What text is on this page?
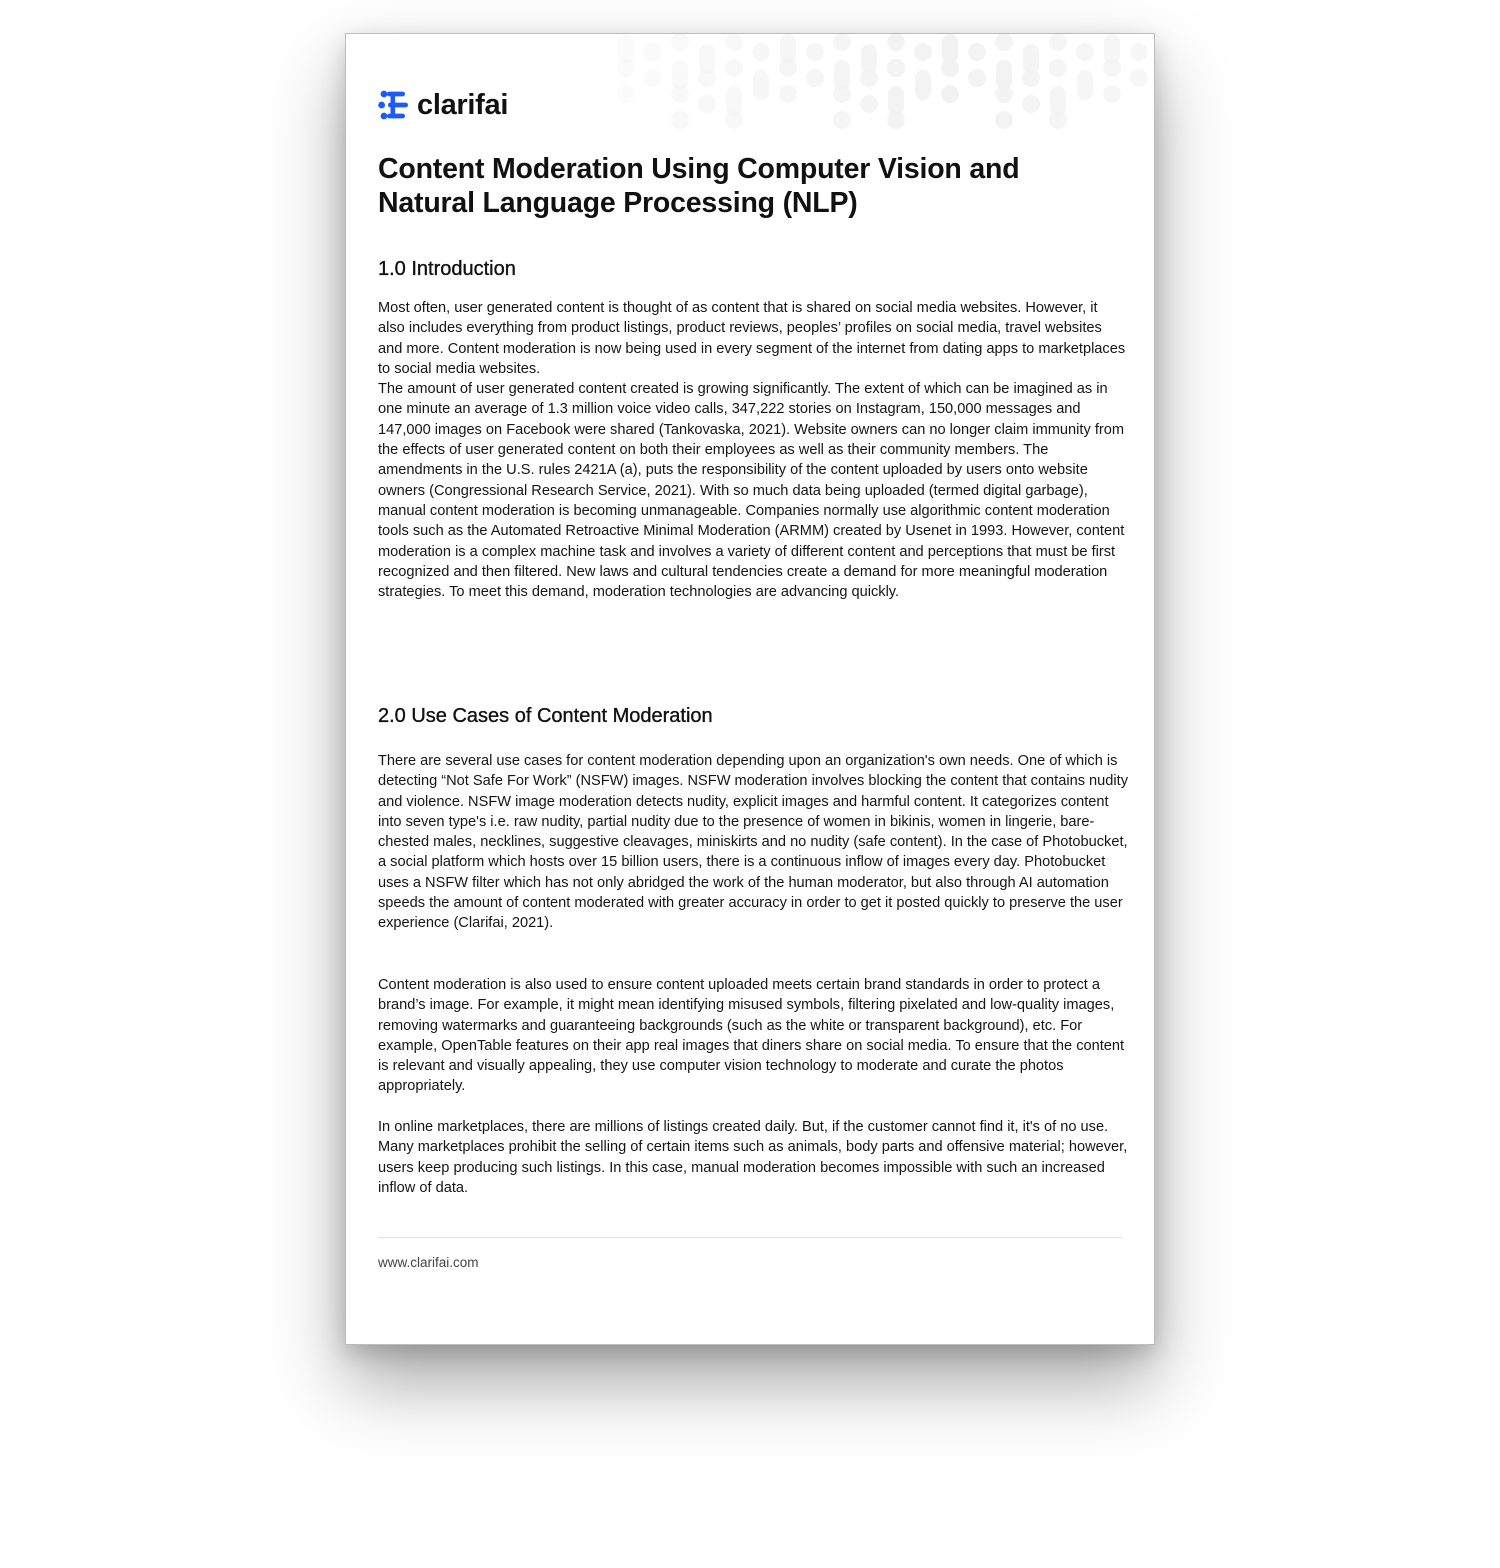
clarifai
Content Moderation Using Computer Vision and Natural Language Processing (NLP)
1.0 Introduction

Most often, user generated content is thought of as content that is shared on social media websites. However, it also includes everything from product listings, product reviews, peoples’ profiles on social media, travel websites and more. Content moderation is now being used in every segment of the internet from dating apps to marketplaces to social media websites.

The amount of user generated content created is growing significantly. The extent of which can be imagined as in one minute an average of 1.3 million voice video calls, 347,222 stories on Instagram, 150,000 messages and 147,000 images on Facebook were shared (Tankovaska, 2021). Website owners can no longer claim immunity from the effects of user generated content on both their employees as well as their community members. The amendments in the U.S. rules 2421A (a), puts the responsibility of the content uploaded by users onto website owners (Congressional Research Service, 2021). With so much data being uploaded (termed digital garbage), manual content moderation is becoming unmanageable. Companies normally use algorithmic content moderation tools such as the Automated Retroactive Minimal Moderation (ARMM) created by Usenet in 1993. However, content moderation is a complex machine task and involves a variety of different content and perceptions that must be first recognized and then filtered. New laws and cultural tendencies create a demand for more meaningful moderation strategies. To meet this demand, moderation technologies are advancing quickly.

2.0 Use Cases of Content Moderation

There are several use cases for content moderation depending upon an organization's own needs. One of which is detecting “Not Safe For Work” (NSFW) images. NSFW moderation involves blocking the content that contains nudity and violence. NSFW image moderation detects nudity, explicit images and harmful content. It categorizes content into seven type's i.e. raw nudity, partial nudity due to the presence of women in bikinis, women in lingerie, bare-chested males, necklines, suggestive cleavages, miniskirts and no nudity (safe content). In the case of Photobucket, a social platform which hosts over 15 billion users, there is a continuous inflow of images every day. Photobucket uses a NSFW filter which has not only abridged the work of the human moderator, but also through AI automation speeds the amount of content moderated with greater accuracy in order to get it posted quickly to preserve the user experience (Clarifai, 2021).

Content moderation is also used to ensure content uploaded meets certain brand standards in order to protect a brand’s image. For example, it might mean identifying misused symbols, filtering pixelated and low-quality images, removing watermarks and guaranteeing backgrounds (such as the white or transparent background), etc. For example, OpenTable features on their app real images that diners share on social media. To ensure that the content is relevant and visually appealing, they use computer vision technology to moderate and curate the photos appropriately.

In online marketplaces, there are millions of listings created daily. But, if the customer cannot find it, it's of no use. Many marketplaces prohibit the selling of certain items such as animals, body parts and offensive material; however, users keep producing such listings. In this case, manual moderation becomes impossible with such an increased inflow of data.

www.clarifai.com
